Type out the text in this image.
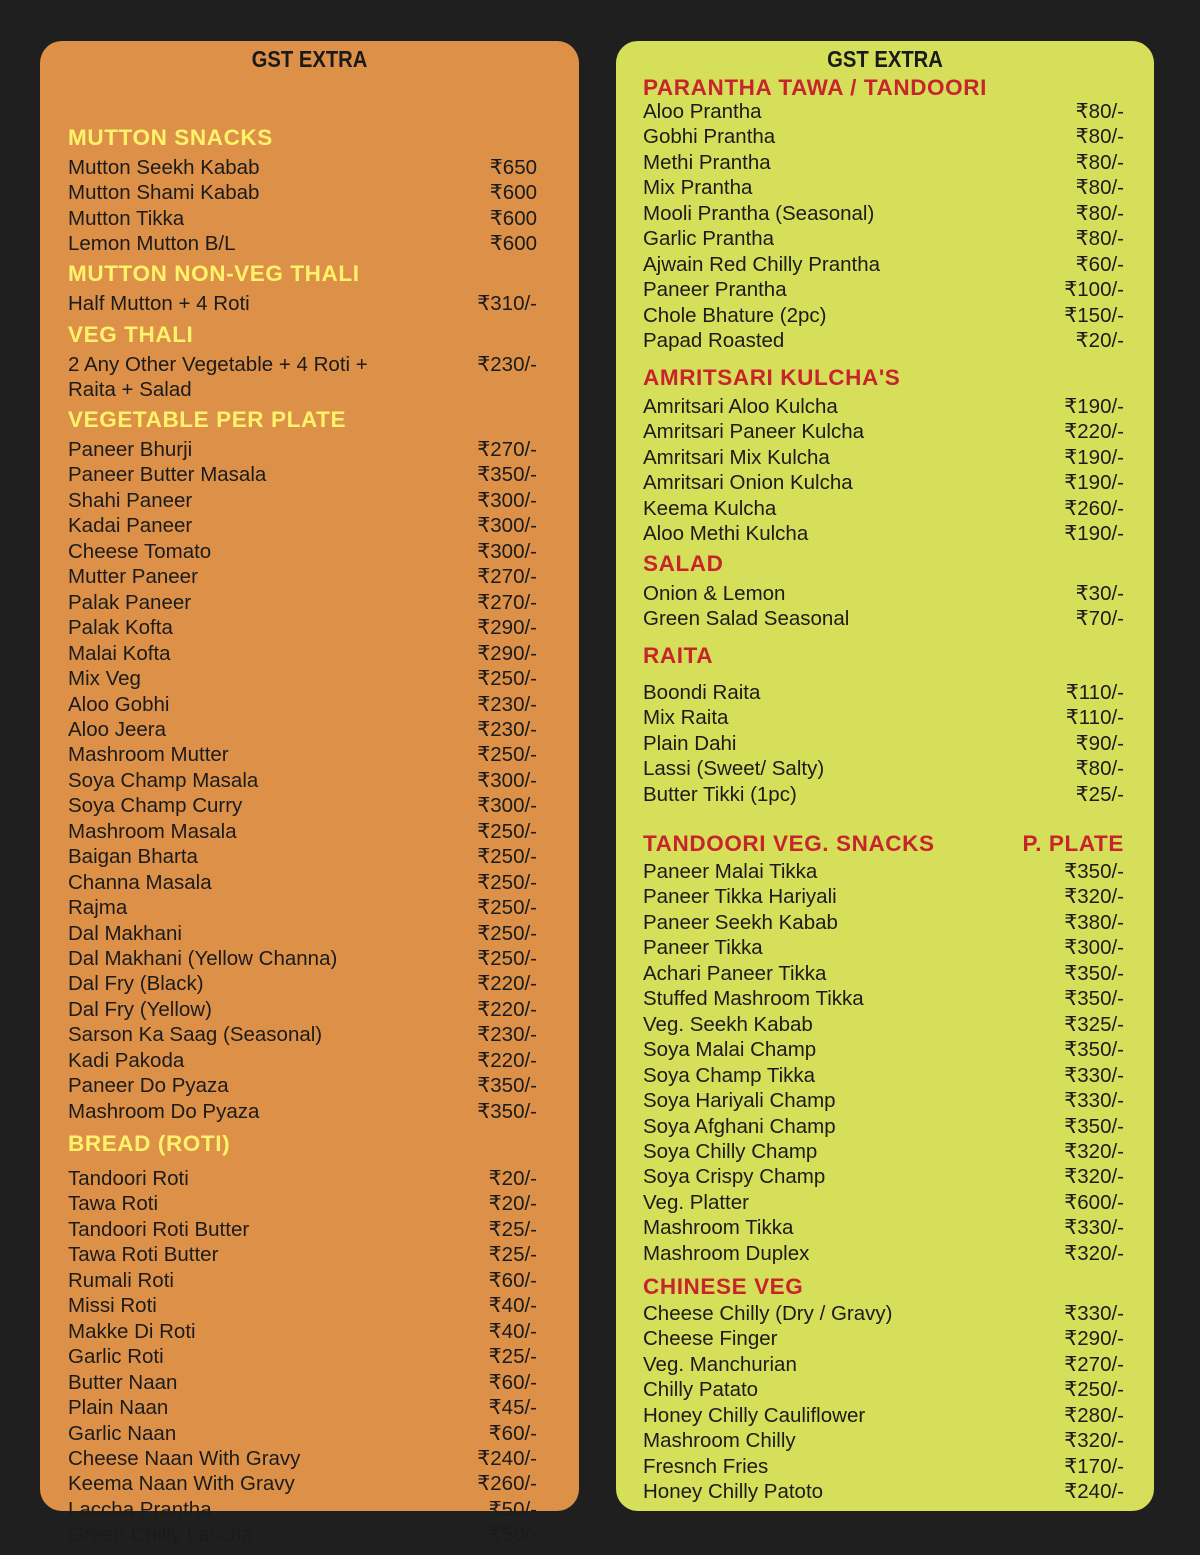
GST EXTRA
MUTTON SNACKS
Mutton Seekh Kabab	₹650
Mutton Shami Kabab	₹600
Mutton Tikka	₹600
Lemon Mutton B/L	₹600
MUTTON NON-VEG THALI
Half Mutton + 4 Roti	₹310/-
VEG THALI
2 Any Other Vegetable + 4 Roti + Raita + Salad
₹230/-
VEGETABLE PER PLATE
Paneer Bhurji	₹270/-
Paneer Butter Masala	₹350/-
Shahi Paneer	₹300/-
Kadai Paneer	₹300/-
Cheese Tomato	₹300/-
Mutter Paneer	₹270/-
Palak Paneer	₹270/-
Palak Kofta	₹290/-
Malai Kofta	₹290/-
Mix Veg	₹250/-
Aloo Gobhi	₹230/-
Aloo Jeera	₹230/-
Mashroom Mutter	₹250/-
Soya Champ Masala	₹300/-
Soya Champ Curry	₹300/-
Mashroom Masala	₹250/-
Baigan Bharta	₹250/-
Channa Masala	₹250/-
Rajma	₹250/-
Dal Makhani	₹250/-
Dal Makhani (Yellow Channa)	₹250/-
Dal Fry (Black)	₹220/-
Dal Fry (Yellow)	₹220/-
Sarson Ka Saag (Seasonal)	₹230/-
Kadi Pakoda	₹220/-
Paneer Do Pyaza	₹350/-
Mashroom Do Pyaza	₹350/-
BREAD (ROTI)
Tandoori Roti	₹20/-
Tawa Roti	₹20/-
Tandoori Roti Butter	₹25/-
Tawa Roti Butter	₹25/-
Rumali Roti	₹60/-
Missi Roti	₹40/-
Makke Di Roti	₹40/-
Garlic Roti	₹25/-
Butter Naan	₹60/-
Plain Naan	₹45/-
Garlic Naan	₹60/-
Cheese Naan With Gravy	₹240/-
Keema Naan With Gravy	₹260/-
Laccha Prantha	₹50/-
Green Chilly Laccha	₹50/-
GST EXTRA
PARANTHA TAWA / TANDOORI
Aloo Prantha	₹80/-
Gobhi Prantha	₹80/-
Methi Prantha	₹80/-
Mix Prantha	₹80/-
Mooli Prantha (Seasonal)	₹80/-
Garlic Prantha	₹80/-
Ajwain Red Chilly Prantha	₹60/-
Paneer Prantha	₹100/-
Chole Bhature (2pc)	₹150/-
Papad Roasted	₹20/-
AMRITSARI KULCHA'S
Amritsari Aloo Kulcha	₹190/-
Amritsari Paneer Kulcha	₹220/-
Amritsari Mix Kulcha	₹190/-
Amritsari Onion Kulcha	₹190/-
Keema Kulcha	₹260/-
Aloo Methi Kulcha	₹190/-
SALAD
Onion & Lemon	₹30/-
Green Salad Seasonal	₹70/-
RAITA
Boondi Raita	₹110/-
Mix Raita	₹110/-
Plain Dahi	₹90/-
Lassi (Sweet/ Salty)	₹80/-
Butter Tikki (1pc)	₹25/-
TANDOORI VEG. SNACKS	P. PLATE
Paneer Malai Tikka	₹350/-
Paneer Tikka Hariyali	₹320/-
Paneer Seekh Kabab	₹380/-
Paneer Tikka	₹300/-
Achari Paneer Tikka	₹350/-
Stuffed Mashroom Tikka	₹350/-
Veg. Seekh Kabab	₹325/-
Soya Malai Champ	₹350/-
Soya Champ Tikka	₹330/-
Soya Hariyali Champ	₹330/-
Soya Afghani Champ	₹350/-
Soya Chilly Champ	₹320/-
Soya Crispy Champ	₹320/-
Veg. Platter	₹600/-
Mashroom Tikka	₹330/-
Mashroom Duplex	₹320/-
CHINESE VEG
Cheese Chilly (Dry / Gravy)	₹330/-
Cheese Finger	₹290/-
Veg. Manchurian	₹270/-
Chilly Patato	₹250/-
Honey Chilly Cauliflower	₹280/-
Mashroom Chilly	₹320/-
Fresnch Fries	₹170/-
Honey Chilly Patoto	₹240/-
